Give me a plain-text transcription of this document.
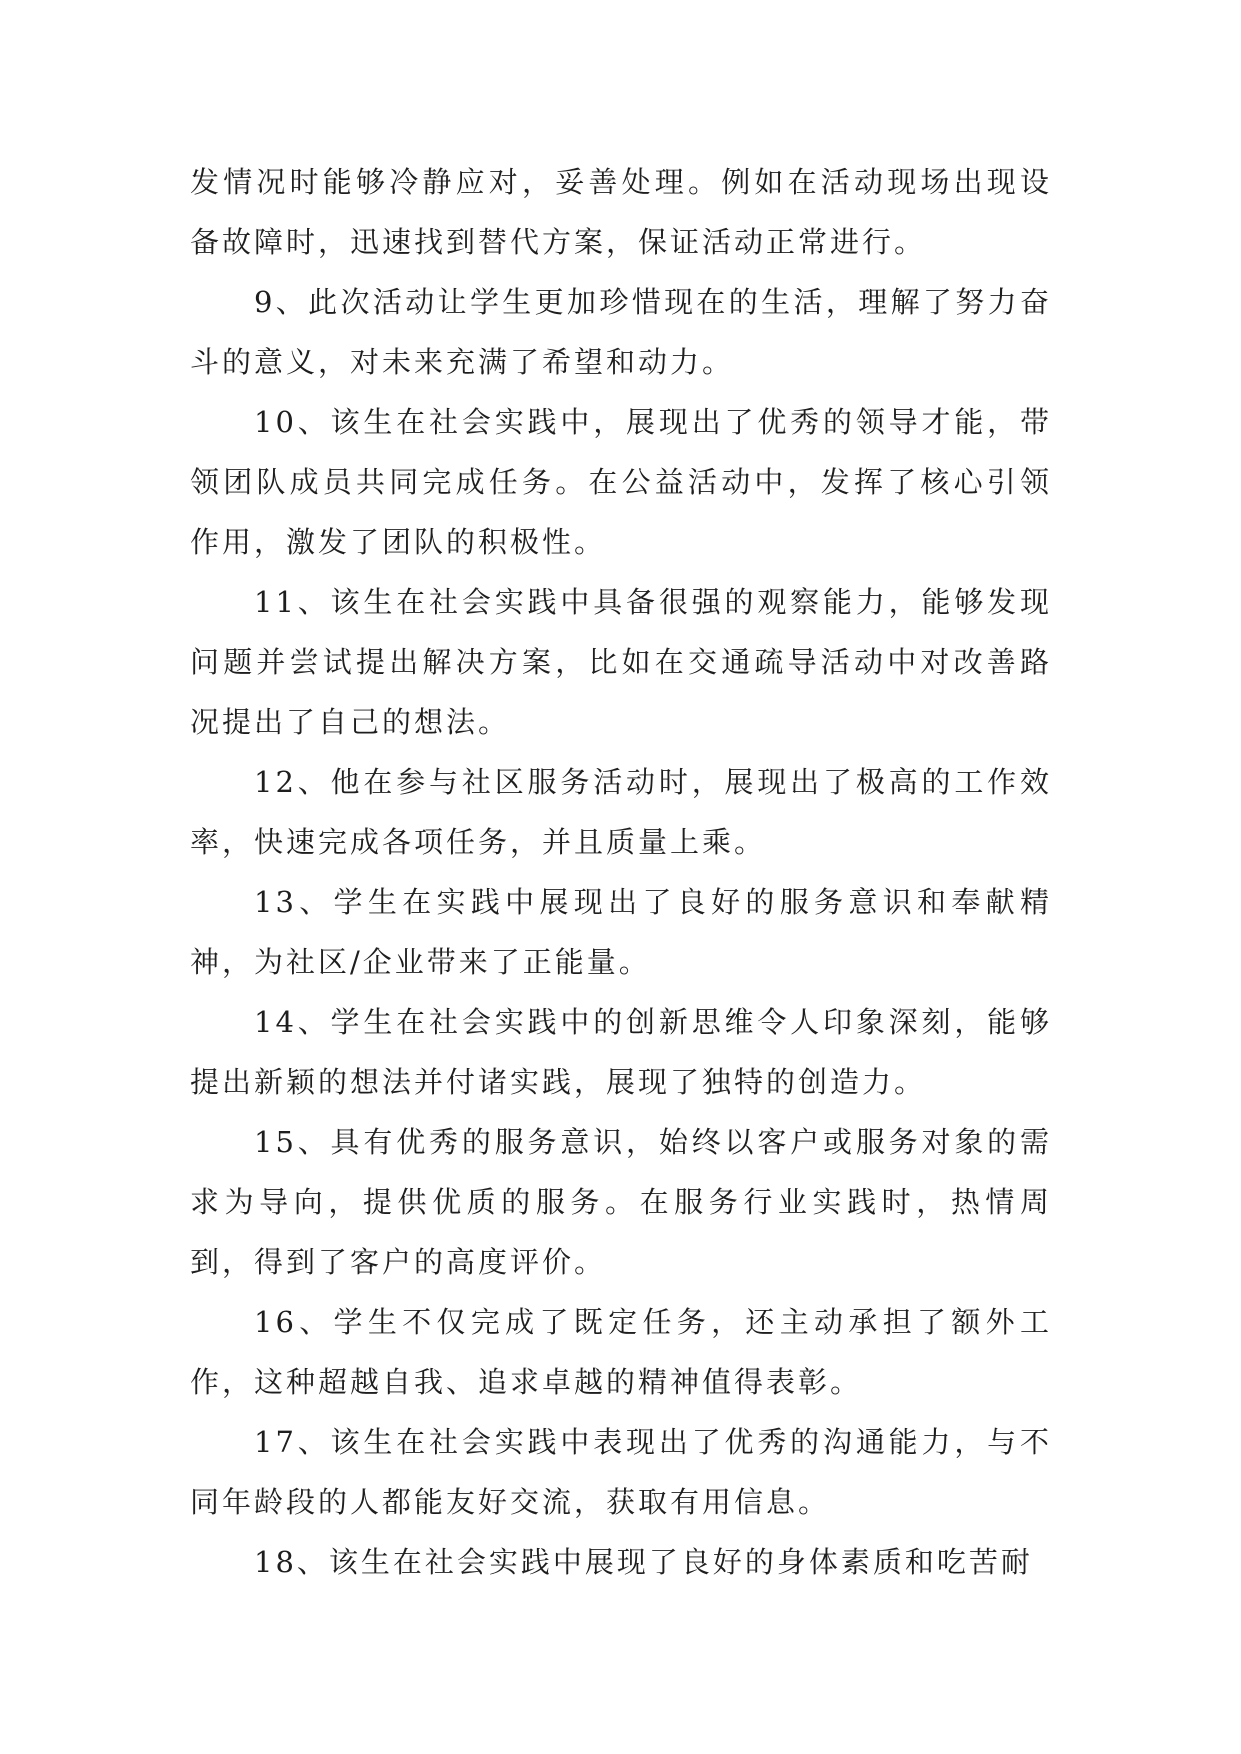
发情况时能够冷静应对，妥善处理。例如在活动现场出现设备故障时，迅速找到替代方案，保证活动正常进行。

9、此次活动让学生更加珍惜现在的生活，理解了努力奋斗的意义，对未来充满了希望和动力。

10、该生在社会实践中，展现出了优秀的领导才能，带领团队成员共同完成任务。在公益活动中，发挥了核心引领作用，激发了团队的积极性。

11、该生在社会实践中具备很强的观察能力，能够发现问题并尝试提出解决方案，比如在交通疏导活动中对改善路况提出了自己的想法。

12、他在参与社区服务活动时，展现出了极高的工作效率，快速完成各项任务，并且质量上乘。

13、学生在实践中展现出了良好的服务意识和奉献精神，为社区/企业带来了正能量。

14、学生在社会实践中的创新思维令人印象深刻，能够提出新颖的想法并付诸实践，展现了独特的创造力。

15、具有优秀的服务意识，始终以客户或服务对象的需求为导向，提供优质的服务。在服务行业实践时，热情周到，得到了客户的高度评价。

16、学生不仅完成了既定任务，还主动承担了额外工作，这种超越自我、追求卓越的精神值得表彰。

17、该生在社会实践中表现出了优秀的沟通能力，与不同年龄段的人都能友好交流，获取有用信息。

18、该生在社会实践中展现了良好的身体素质和吃苦耐
